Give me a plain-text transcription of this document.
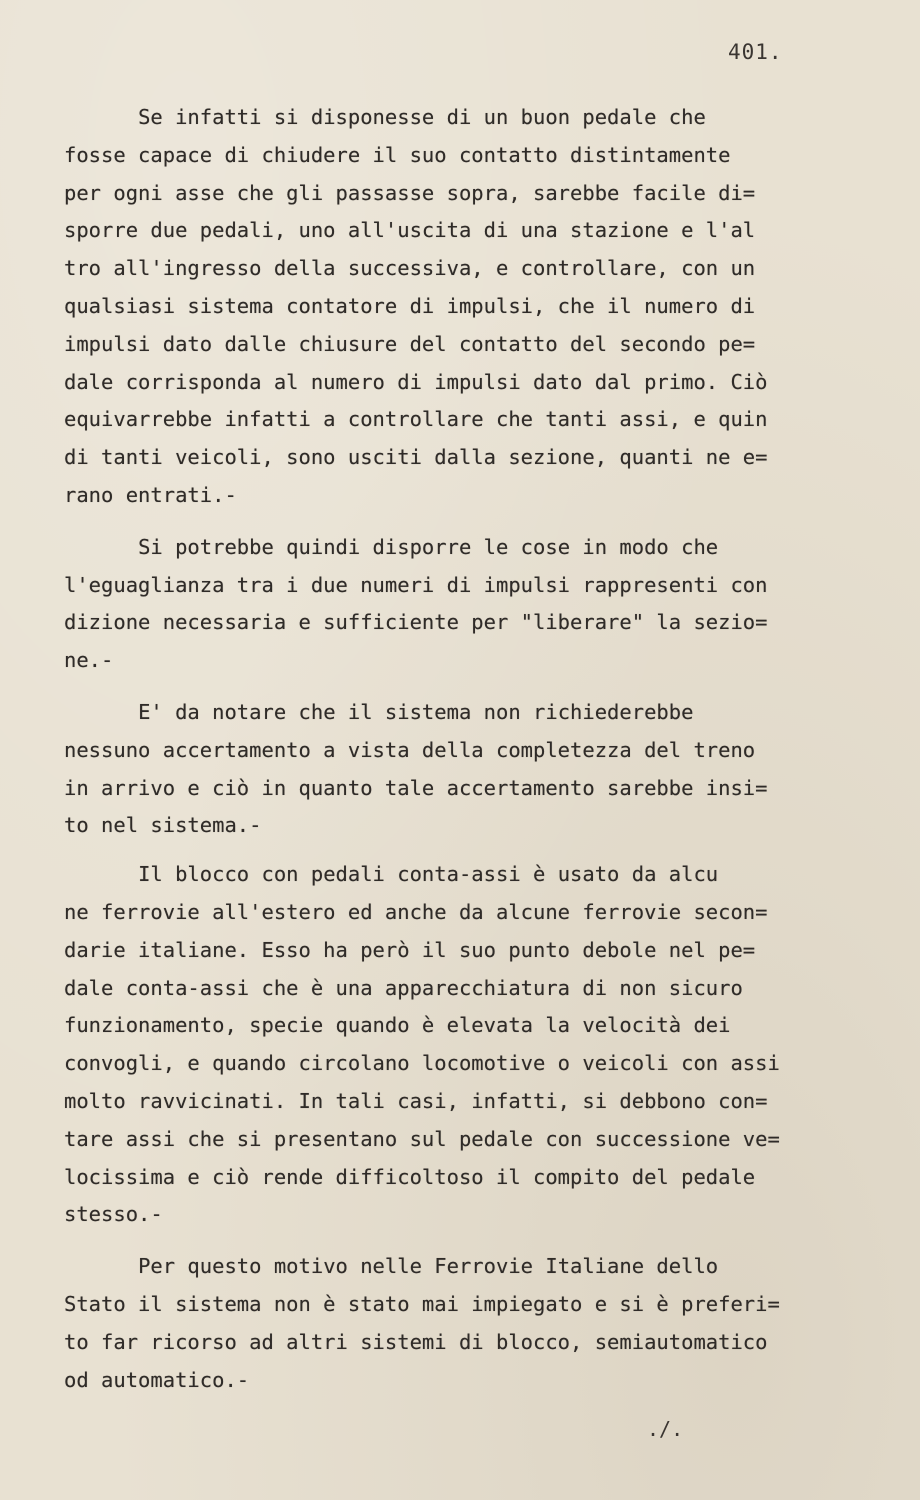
401.
Se infatti si disponesse di un buon pedale che
fosse capace di chiudere il suo contatto distintamente
per ogni asse che gli passasse sopra, sarebbe facile di=
sporre due pedali, uno all'uscita di una stazione e l'al
tro all'ingresso della successiva, e controllare, con un
qualsiasi sistema contatore di impulsi, che il numero di
impulsi dato dalle chiusure del contatto del secondo pe=
dale corrisponda al numero di impulsi dato dal primo. Ciò
equivarrebbe infatti a controllare che tanti assi, e quin
di tanti veicoli, sono usciti dalla sezione, quanti ne e=
rano entrati.-
Si potrebbe quindi disporre le cose in modo che
l'eguaglianza tra i due numeri di impulsi rappresenti con
dizione necessaria e sufficiente per "liberare" la sezio=
ne.-
E' da notare che il sistema non richiederebbe
nessuno accertamento a vista della completezza del treno
in arrivo e ciò in quanto tale accertamento sarebbe insi=
to nel sistema.-
Il blocco con pedali conta-assi è usato da alcu
ne ferrovie all'estero ed anche da alcune ferrovie secon=
darie italiane. Esso ha però il suo punto debole nel pe=
dale conta-assi che è una apparecchiatura di non sicuro
funzionamento, specie quando è elevata la velocità dei
convogli, e quando circolano locomotive o veicoli con assi
molto ravvicinati. In tali casi, infatti, si debbono con=
tare assi che si presentano sul pedale con successione ve=
locissima e ciò rende difficoltoso il compito del pedale
stesso.-
Per questo motivo nelle Ferrovie Italiane dello
Stato il sistema non è stato mai impiegato e si è preferi=
to far ricorso ad altri sistemi di blocco, semiautomatico
od automatico.-
./.
